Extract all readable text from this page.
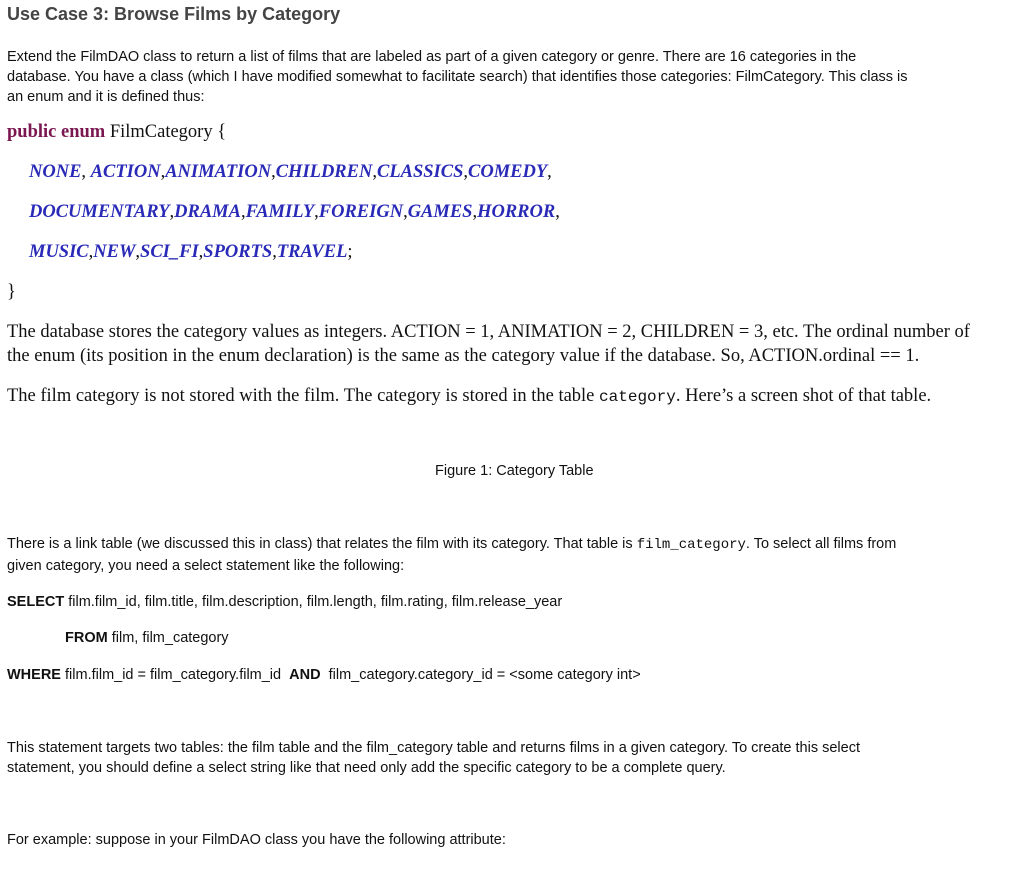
Use Case 3: Browse Films by Category
Extend the FilmDAO class to return a list of films that are labeled as part of a given category or genre. There are 16 categories in the
database. You have a class (which I have modified somewhat to facilitate search) that identifies those categories: FilmCategory. This class is
an enum and it is defined thus:
public enum FilmCategory {
NONE, ACTION,ANIMATION,CHILDREN,CLASSICS,COMEDY,
DOCUMENTARY,DRAMA,FAMILY,FOREIGN,GAMES,HORROR,
MUSIC,NEW,SCI_FI,SPORTS,TRAVEL;
}
The database stores the category values as integers. ACTION = 1, ANIMATION = 2, CHILDREN = 3, etc. The ordinal number of
the enum (its position in the enum declaration) is the same as the category value if the database. So, ACTION.ordinal == 1.
The film category is not stored with the film. The category is stored in the table category. Here’s a screen shot of that table.
Figure 1: Category Table
There is a link table (we discussed this in class) that relates the film with its category. That table is film_category. To select all films from
given category, you need a select statement like the following:
SELECT film.film_id, film.title, film.description, film.length, film.rating, film.release_year
FROM film, film_category
WHERE film.film_id = film_category.film_id  AND  film_category.category_id = <some category int>
This statement targets two tables: the film table and the film_category table and returns films in a given category. To create this select
statement, you should define a select string like that need only add the specific category to be a complete query.
For example: suppose in your FilmDAO class you have the following attribute:
